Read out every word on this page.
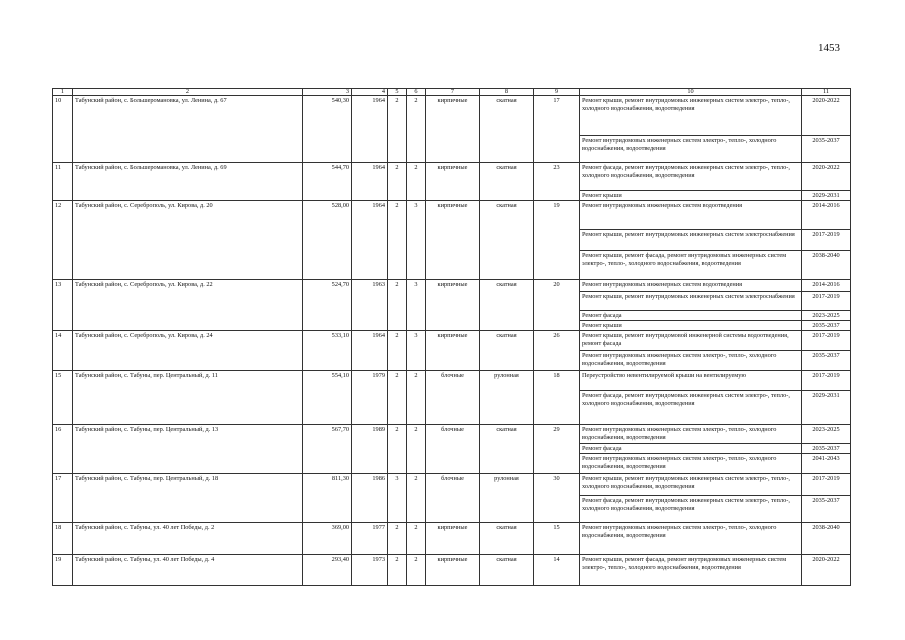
1453
1	2	3	4	5	6	7	8	9	10	11
10	Табунский район, с. Большеромановка, ул. Ленина, д. 67	540,30	1964	2	2	кирпичные	скатная	17	Ремонт крыши, ремонт внутридомовых инженерных систем электро-, тепло-, холодного водоснабжения, водоотведения	2020-2022
									Ремонт внутридомовых инженерных систем электро-, тепло-, холодного водоснабжения, водоотведения	2035-2037
11	Табунский район, с. Большеромановка, ул. Ленина, д. 69	544,70	1964	2	2	кирпичные	скатная	23	Ремонт фасада, ремонт внутридомовых инженерных систем электро-, тепло-, холодного водоснабжения, водоотведения	2020-2022
									Ремонт крыши	2029-2031
12	Табунский район, с. Сереброполь, ул. Кирова, д. 20	528,00	1964	2	3	кирпичные	скатная	19	Ремонт внутридомовых инженерных систем водоотведения	2014-2016
									Ремонт крыши, ремонт внутридомовых инженерных систем электроснабжения	2017-2019
									Ремонт крыши, ремонт фасада, ремонт внутридомовых инженерных систем электро-, тепло-, холодного водоснабжения, водоотведения	2038-2040
13	Табунский район, с. Сереброполь, ул. Кирова, д. 22	524,70	1963	2	3	кирпичные	скатная	20	Ремонт внутридомовых инженерных систем водоотведения	2014-2016
									Ремонт крыши, ремонт внутридомовых инженерных систем электроснабжения	2017-2019
									Ремонт фасада	2023-2025
									Ремонт крыши	2035-2037
14	Табунский район, с. Сереброполь, ул. Кирова, д. 24	533,10	1964	2	3	кирпичные	скатная	26	Ремонт крыши, ремонт внутридомовой инженерной системы водоотведения, ремонт фасада	2017-2019
									Ремонт внутридомовых инженерных систем электро-, тепло-, холодного водоснабжения, водоотведения	2035-2037
15	Табунский район, с. Табуны, пер. Центральный, д. 11	554,10	1979	2	2	блочные	рулонная	18	Переустройство невентилируемой крыши на вентилируемую	2017-2019
									Ремонт фасада, ремонт внутридомовых инженерных систем электро-, тепло-, холодного водоснабжения, водоотведения	2029-2031
16	Табунский район, с. Табуны, пер. Центральный, д. 13	567,70	1989	2	2	блочные	скатная	29	Ремонт внутридомовых инженерных систем электро-, тепло-, холодного водоснабжения, водоотведения	2023-2025
									Ремонт фасада	2035-2037
									Ремонт внутридомовых инженерных систем электро-, тепло-, холодного водоснабжения, водоотведения	2041-2043
17	Табунский район, с. Табуны, пер. Центральный, д. 18	811,30	1986	3	2	блочные	рулонная	30	Ремонт крыши, ремонт внутридомовых инженерных систем электро-, тепло-, холодного водоснабжения, водоотведения	2017-2019
									Ремонт фасада, ремонт внутридомовых инженерных систем электро-, тепло-, холодного водоснабжения, водоотведения	2035-2037
18	Табунский район, с. Табуны, ул. 40 лет Победы, д. 2	369,00	1977	2	2	кирпичные	скатная	15	Ремонт внутридомовых инженерных систем электро-, тепло-, холодного водоснабжения, водоотведения	2038-2040
19	Табунский район, с. Табуны, ул. 40 лет Победы, д. 4	293,40	1973	2	2	кирпичные	скатная	14	Ремонт крыши, ремонт фасада, ремонт внутридомовых инженерных систем электро-, тепло-, холодного водоснабжения, водоотведения	2020-2022
